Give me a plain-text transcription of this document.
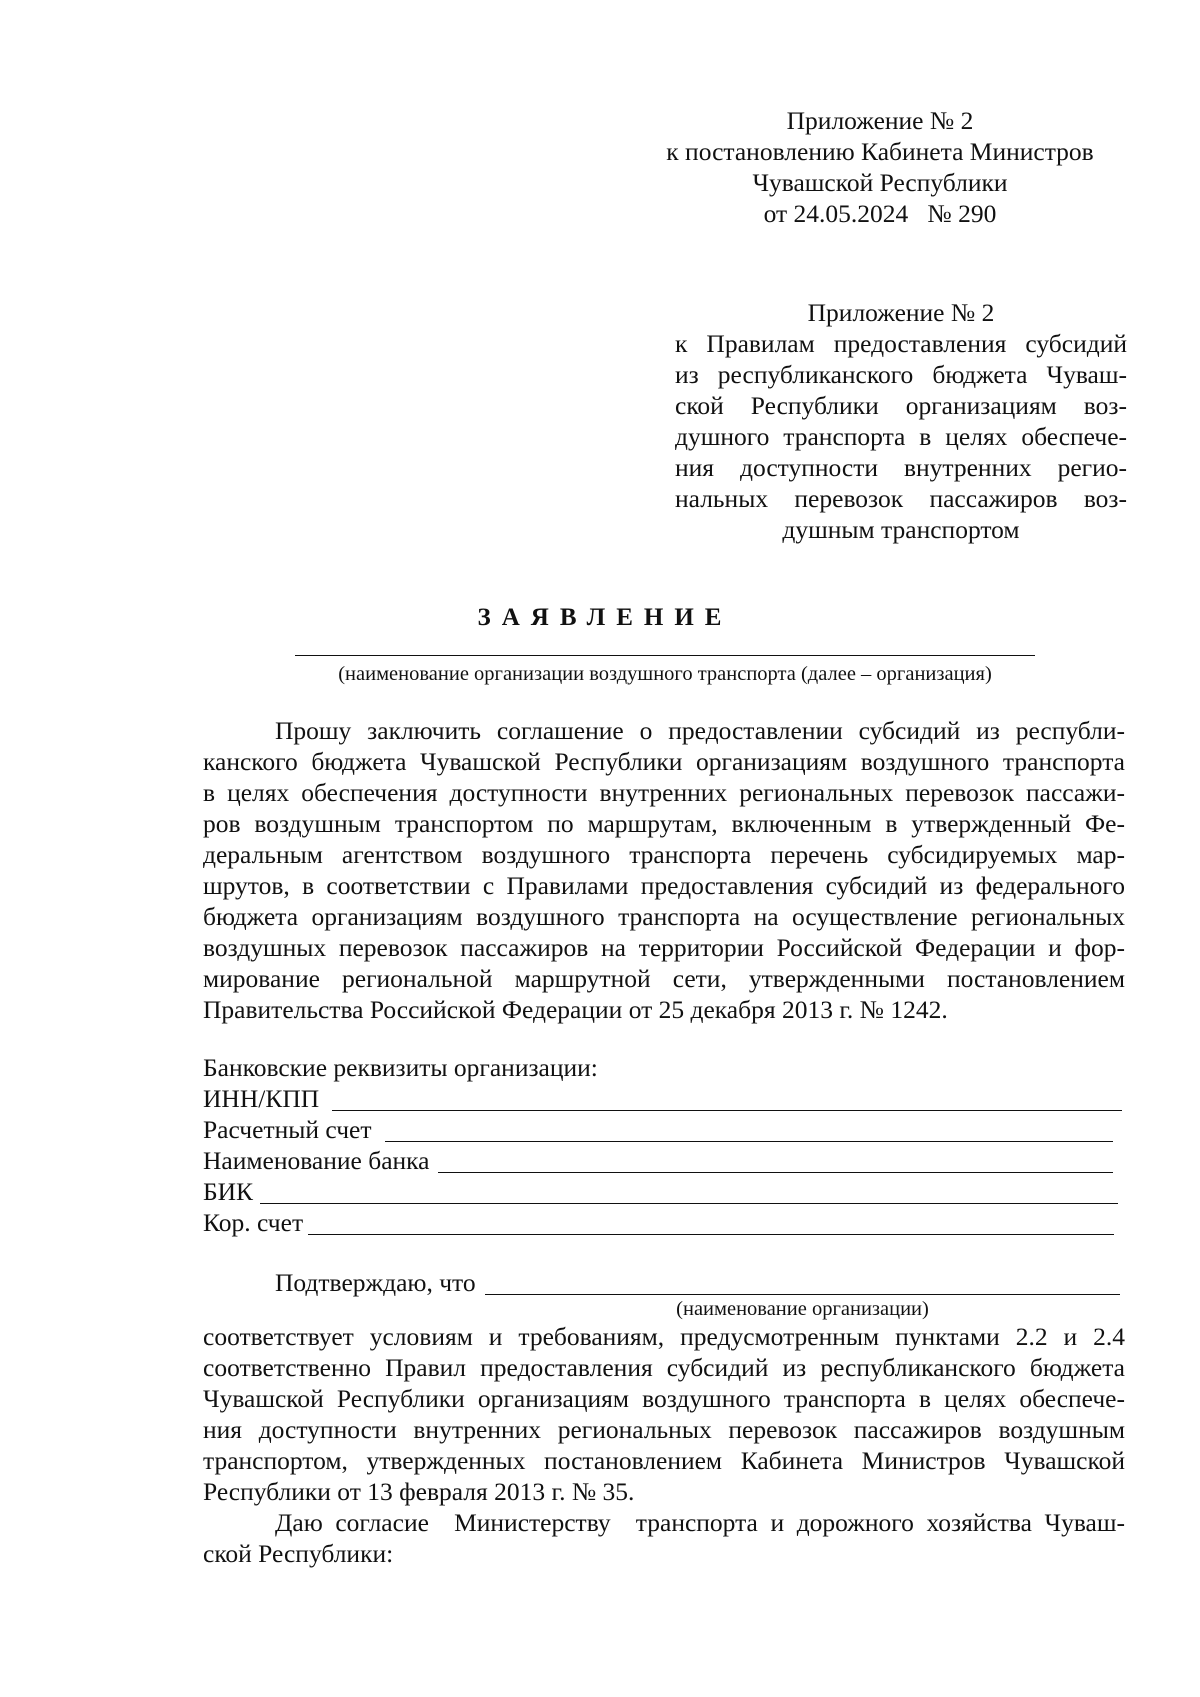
Приложение № 2
к постановлению Кабинета Министров
Чувашской Республики
от 24.05.2024   № 290
Приложение № 2
к Правилам предоставления субсидий
из республиканского бюджета Чуваш-
ской Республики организациям воз-
душного транспорта в целях обеспече-
ния доступности внутренних регио-
нальных перевозок пассажиров воз-
душным транспортом
ЗАЯВЛЕНИЕ
(наименование организации воздушного транспорта (далее – организация)
Прошу заключить соглашение о предоставлении субсидий из республи-
канского бюджета Чувашской Республики организациям воздушного транспорта
в целях обеспечения доступности внутренних региональных перевозок пассажи-
ров воздушным транспортом по маршрутам, включенным в утвержденный Фе-
деральным агентством воздушного транспорта перечень субсидируемых мар-
шрутов, в соответствии с Правилами предоставления субсидий из федерального
бюджета организациям воздушного транспорта на осуществление региональных
воздушных перевозок пассажиров на территории Российской Федерации и фор-
мирование региональной маршрутной сети, утвержденными постановлением
Правительства Российской Федерации от 25 декабря 2013 г. № 1242.
Банковские реквизиты организации:
ИНН/КПП
Расчетный счет
Наименование банка
БИК
Кор. счет
Подтверждаю, что
(наименование организации)
соответствует условиям и требованиям, предусмотренным пунктами 2.2 и 2.4
соответственно Правил предоставления субсидий из республиканского бюджета
Чувашской Республики организациям воздушного транспорта в целях обеспече-
ния доступности внутренних региональных перевозок пассажиров воздушным
транспортом, утвержденных постановлением Кабинета Министров Чувашской
Республики от 13 февраля 2013 г. № 35.
Даю согласие  Министерству  транспорта и дорожного хозяйства Чуваш-
ской Республики:
